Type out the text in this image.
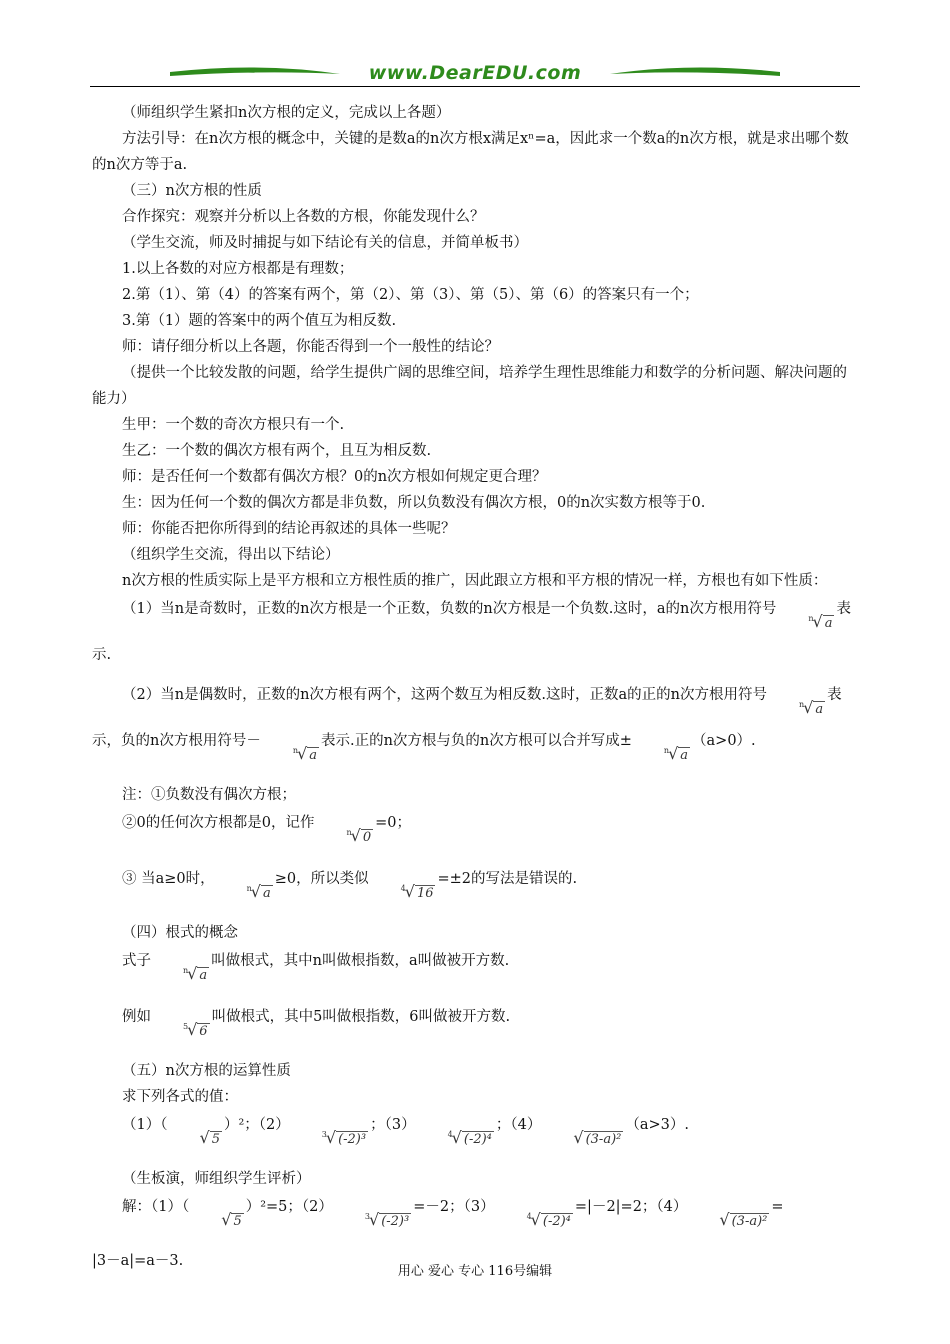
www.DearEDU.com

（师组织学生紧扣n次方根的定义，完成以上各题）

方法引导：在n次方根的概念中，关键的是数a的n次方根x满足xⁿ=a，因此求一个数a的n次方根，就是求出哪个数的n次方等于a.

（三）n次方根的性质

合作探究：观察并分析以上各数的方根，你能发现什么？

（学生交流，师及时捕捉与如下结论有关的信息，并简单板书）

1.以上各数的对应方根都是有理数；

2.第（1）、第（4）的答案有两个，第（2）、第（3）、第（5）、第（6）的答案只有一个；

3.第（1）题的答案中的两个值互为相反数.

师：请仔细分析以上各题，你能否得到一个一般性的结论？

（提供一个比较发散的问题，给学生提供广阔的思维空间，培养学生理性思维能力和数学的分析问题、解决问题的能力）

生甲：一个数的奇次方根只有一个.

生乙：一个数的偶次方根有两个，且互为相反数.

师：是否任何一个数都有偶次方根？0的n次方根如何规定更合理？

生：因为任何一个数的偶次方都是非负数，所以负数没有偶次方根，0的n次实数方根等于0.

师：你能否把你所得到的结论再叙述的具体一些呢？

（组织学生交流，得出以下结论）

n次方根的性质实际上是平方根和立方根性质的推广，因此跟立方根和平方根的情况一样，方根也有如下性质：

（1）当n是奇数时，正数的n次方根是一个正数，负数的n次方根是一个负数.这时，a的n次方根用符号$^n$√ a表示.

（2）当n是偶数时，正数的n次方根有两个，这两个数互为相反数.这时，正数a的正的n次方根用符号$^n$√ a表示，负的n次方根用符号－$^n$√ a表示.正的n次方根与负的n次方根可以合并写成±$^n$√ a（a>0）.

注：①负数没有偶次方根；

②0的任何次方根都是0，记作$^n$√ 0=0；

③ 当a≥0时，$^n$√ a≥0，所以类似$^4$√ 16=±2的写法是错误的.

（四）根式的概念

式子$^n$√ a叫做根式，其中n叫做根指数，a叫做被开方数.

例如$^5$√ 6叫做根式，其中5叫做根指数，6叫做被开方数.

（五）n次方根的运算性质

求下列各式的值：

（1）（√ 5）²；$(2)^3√$ (-2)³；$(3)^4√$ (-2)⁴；（4）√ (3-a)²（a>3）.

（生板演，师组织学生评析）

解：（1）（√ 5）²=5；$(2)^3√$ (-2)³=－2；$(3)^4√$ (-2)⁴=|－2|=2；（4）√ (3-a)²=

|3－a|=a－3.

用心 爱心 专心 116号编辑
